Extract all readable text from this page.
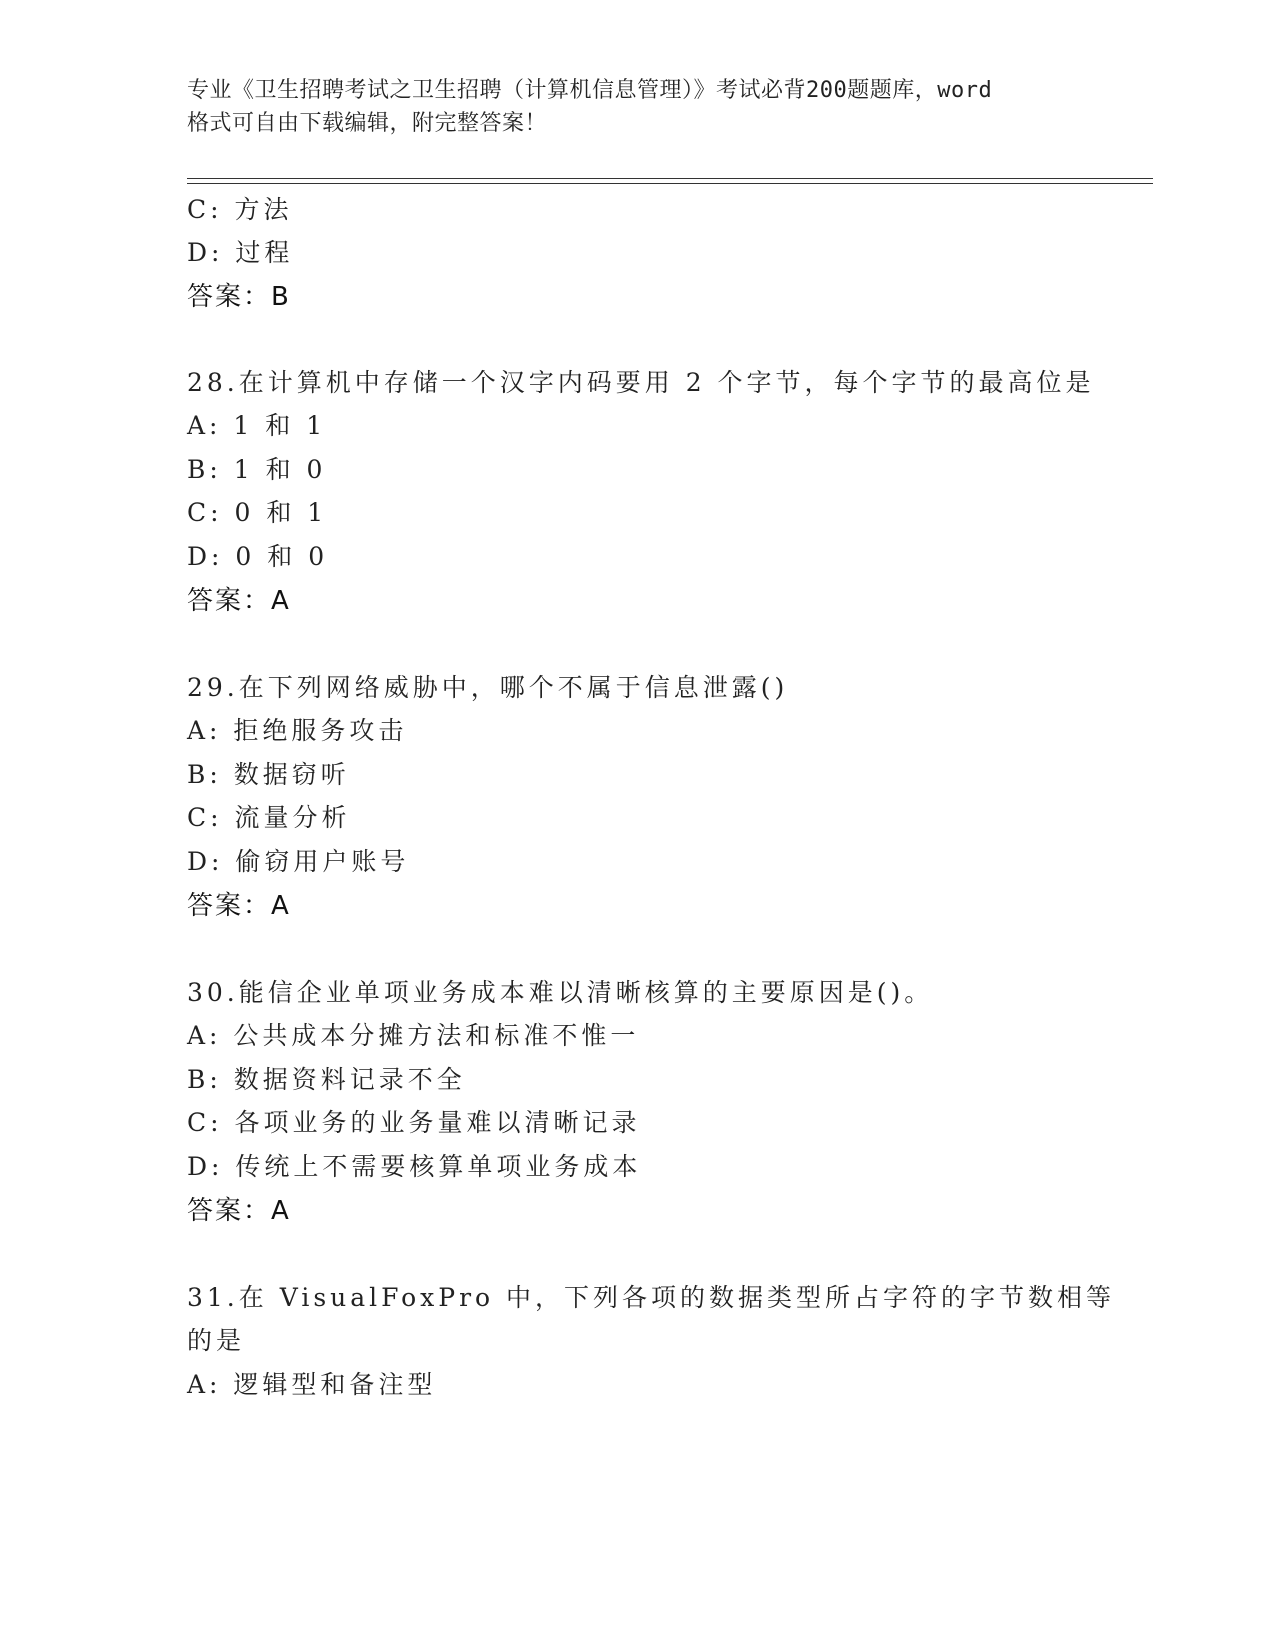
专业《卫生招聘考试之卫生招聘（计算机信息管理）》考试必背200题题库，word
格式可自由下载编辑，附完整答案！
C: 方法
D: 过程
答案：B
28.在计算机中存储一个汉字内码要用 2 个字节，每个字节的最高位是
A: 1 和 1
B: 1 和 0
C: 0 和 1
D: 0 和 0
答案：A
29.在下列网络威胁中，哪个不属于信息泄露()
A: 拒绝服务攻击
B: 数据窃听
C: 流量分析
D: 偷窃用户账号
答案：A
30.能信企业单项业务成本难以清晰核算的主要原因是()。
A: 公共成本分摊方法和标准不惟一
B: 数据资料记录不全
C: 各项业务的业务量难以清晰记录
D: 传统上不需要核算单项业务成本
答案：A
31.在 VisualFoxPro 中，下列各项的数据类型所占字符的字节数相等
的是
A: 逻辑型和备注型
